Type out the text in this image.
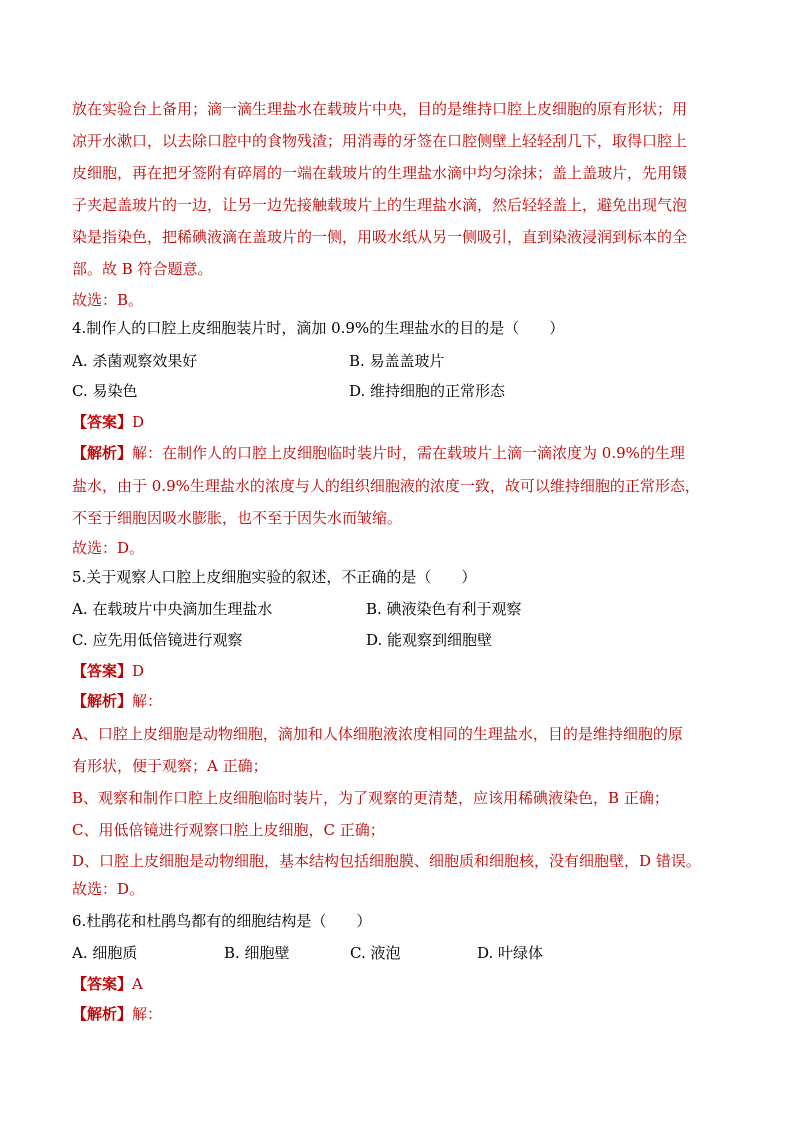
放在实验台上备用；滴一滴生理盐水在载玻片中央，目的是维持口腔上皮细胞的原有形状；用
凉开水漱口，以去除口腔中的食物残渣；用消毒的牙签在口腔侧壁上轻轻刮几下，取得口腔上
皮细胞，再在把牙签附有碎屑的一端在载玻片的生理盐水滴中均匀涂抹；盖上盖玻片，先用镊
子夹起盖玻片的一边，让另一边先接触载玻片上的生理盐水滴，然后轻轻盖上，避免出现气泡
染是指染色，把稀碘液滴在盖玻片的一侧，用吸水纸从另一侧吸引，直到染液浸润到标本的全
部。故 B 符合题意。
故选：B。
4.制作人的口腔上皮细胞装片时，滴加 0.9%的生理盐水的目的是（　　）
A. 杀菌观察效果好	B. 易盖盖玻片
C. 易染色	D. 维持细胞的正常形态
【答案】D
【解析】解：在制作人的口腔上皮细胞临时装片时，需在载玻片上滴一滴浓度为 0.9%的生理
盐水，由于 0.9%生理盐水的浓度与人的组织细胞液的浓度一致，故可以维持细胞的正常形态，
不至于细胞因吸水膨胀，也不至于因失水而皱缩。
故选：D。
5.关于观察人口腔上皮细胞实验的叙述，不正确的是（　　）
A. 在载玻片中央滴加生理盐水	B. 碘液染色有利于观察
C. 应先用低倍镜进行观察	D. 能观察到细胞壁
【答案】D
【解析】解：
A、口腔上皮细胞是动物细胞，滴加和人体细胞液浓度相同的生理盐水，目的是维持细胞的原
有形状，便于观察；A 正确；
B、观察和制作口腔上皮细胞临时装片，为了观察的更清楚，应该用稀碘液染色，B 正确；
C、用低倍镜进行观察口腔上皮细胞，C 正确；
D、口腔上皮细胞是动物细胞，基本结构包括细胞膜、细胞质和细胞核，没有细胞壁，D 错误。
故选：D。
6.杜鹃花和杜鹃鸟都有的细胞结构是（　　）
A. 细胞质	B. 细胞壁	C. 液泡	D. 叶绿体
【答案】A
【解析】解：
